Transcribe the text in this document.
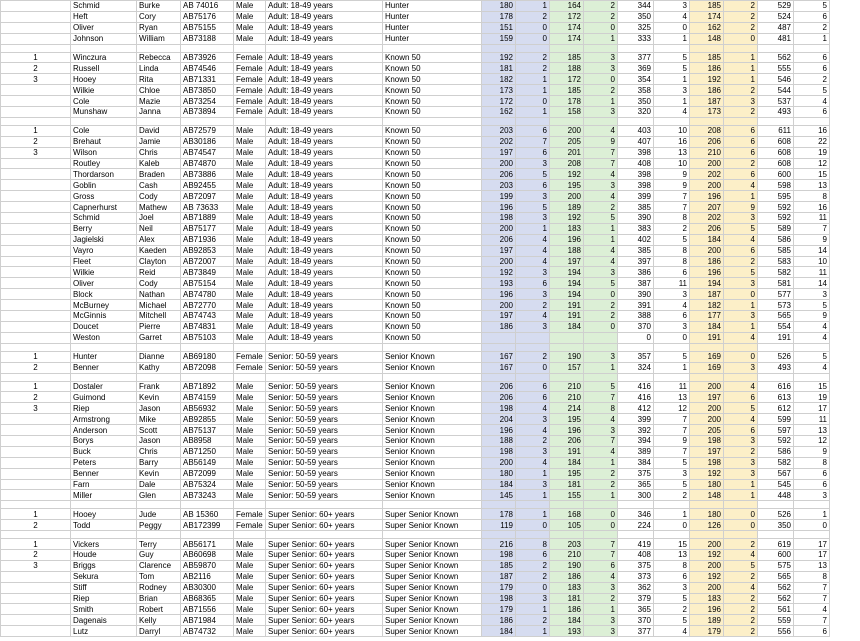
	Schmid	Burke	AB 74016	Male	Adult: 18-49 years	Hunter	180	1	164	2	344	3	185	2	529	5
	Heft	Cory	AB75176	Male	Adult: 18-49 years	Hunter	178	2	172	2	350	4	174	2	524	6
	Oliver	Ryan	AB75155	Male	Adult: 18-49 years	Hunter	151	0	174	0	325	0	162	2	487	2
	Johnson	William	AB73188	Male	Adult: 18-49 years	Hunter	159	0	174	1	333	1	148	0	481	1

1	Winczura	Rebecca	AB73926	Female	Adult: 18-49 years	Known 50	192	2	185	3	377	5	185	1	562	6
2	Russell	Linda	AB74546	Female	Adult: 18-49 years	Known 50	181	2	188	3	369	5	186	1	555	6
3	Hooey	Rita	AB71331	Female	Adult: 18-49 years	Known 50	182	1	172	0	354	1	192	1	546	2
	Wilkie	Chloe	AB73850	Female	Adult: 18-49 years	Known 50	173	1	185	2	358	3	186	2	544	5
	Cole	Mazie	AB73254	Female	Adult: 18-49 years	Known 50	172	0	178	1	350	1	187	3	537	4
	Munshaw	Janna	AB73894	Female	Adult: 18-49 years	Known 50	162	1	158	3	320	4	173	2	493	6

1	Cole	David	AB72579	Male	Adult: 18-49 years	Known 50	203	6	200	4	403	10	208	6	611	16
2	Brehaut	Jamie	AB30186	Male	Adult: 18-49 years	Known 50	202	7	205	9	407	16	206	6	608	22
3	Wilson	Chris	AB74547	Male	Adult: 18-49 years	Known 50	197	6	201	7	398	13	210	6	608	19
	Routley	Kaleb	AB74870	Male	Adult: 18-49 years	Known 50	200	3	208	7	408	10	200	2	608	12
	Thordarson	Braden	AB73886	Male	Adult: 18-49 years	Known 50	206	5	192	4	398	9	202	6	600	15
	Goblin	Cash	AB92455	Male	Adult: 18-49 years	Known 50	203	6	195	3	398	9	200	4	598	13
	Gross	Cody	AB72097	Male	Adult: 18-49 years	Known 50	199	3	200	4	399	7	196	1	595	8
	Capnerhurst	Mathew	AB 73633	Male	Adult: 18-49 years	Known 50	196	5	189	2	385	7	207	9	592	16
	Schmid	Joel	AB71889	Male	Adult: 18-49 years	Known 50	198	3	192	5	390	8	202	3	592	11
	Berry	Neil	AB75177	Male	Adult: 18-49 years	Known 50	200	1	183	1	383	2	206	5	589	7
	Jagielski	Alex	AB71936	Male	Adult: 18-49 years	Known 50	206	4	196	1	402	5	184	4	586	9
	Vayro	Kaeden	AB92853	Male	Adult: 18-49 years	Known 50	197	4	188	4	385	8	200	6	585	14
	Fleet	Clayton	AB72007	Male	Adult: 18-49 years	Known 50	200	4	197	4	397	8	186	2	583	10
	Wilkie	Reid	AB73849	Male	Adult: 18-49 years	Known 50	192	3	194	3	386	6	196	5	582	11
	Oliver	Cody	AB75154	Male	Adult: 18-49 years	Known 50	193	6	194	5	387	11	194	3	581	14
	Block	Nathan	AB74780	Male	Adult: 18-49 years	Known 50	196	3	194	0	390	3	187	0	577	3
	McBurney	Michael	AB72770	Male	Adult: 18-49 years	Known 50	200	2	191	2	391	4	182	1	573	5
	McGinnis	Mitchell	AB74743	Male	Adult: 18-49 years	Known 50	197	4	191	2	388	6	177	3	565	9
	Doucet	Pierre	AB74831	Male	Adult: 18-49 years	Known 50	186	3	184	0	370	3	184	1	554	4
	Weston	Garret	AB75103	Male	Adult: 18-49 years	Known 50					0	0	191	4	191	4

1	Hunter	Dianne	AB69180	Female	Senior: 50-59 years	Senior Known	167	2	190	3	357	5	169	0	526	5
2	Benner	Kathy	AB72098	Female	Senior: 50-59 years	Senior Known	167	0	157	1	324	1	169	3	493	4

1	Dostaler	Frank	AB71892	Male	Senior: 50-59 years	Senior Known	206	6	210	5	416	11	200	4	616	15
2	Guimond	Kevin	AB74159	Male	Senior: 50-59 years	Senior Known	206	6	210	7	416	13	197	6	613	19
3	Riep	Jason	AB56932	Male	Senior: 50-59 years	Senior Known	198	4	214	8	412	12	200	5	612	17
	Armstrong	Mike	AB92855	Male	Senior: 50-59 years	Senior Known	204	3	195	4	399	7	200	4	599	11
	Anderson	Scott	AB75137	Male	Senior: 50-59 years	Senior Known	196	4	196	3	392	7	205	6	597	13
	Borys	Jason	AB8958	Male	Senior: 50-59 years	Senior Known	188	2	206	7	394	9	198	3	592	12
	Buck	Chris	AB71250	Male	Senior: 50-59 years	Senior Known	198	3	191	4	389	7	197	2	586	9
	Peters	Barry	AB56149	Male	Senior: 50-59 years	Senior Known	200	4	184	1	384	5	198	3	582	8
	Benner	Kevin	AB72099	Male	Senior: 50-59 years	Senior Known	180	1	195	2	375	3	192	3	567	6
	Farn	Dale	AB75324	Male	Senior: 50-59 years	Senior Known	184	3	181	2	365	5	180	1	545	6
	Miller	Glen	AB73243	Male	Senior: 50-59 years	Senior Known	145	1	155	1	300	2	148	1	448	3

1	Hooey	Jude	AB 15360	Female	Super Senior: 60+ years	Super Senior Known	178	1	168	0	346	1	180	0	526	1
2	Todd	Peggy	AB172399	Female	Super Senior: 60+ years	Super Senior Known	119	0	105	0	224	0	126	0	350	0

1	Vickers	Terry	AB56171	Male	Super Senior: 60+ years	Super Senior Known	216	8	203	7	419	15	200	2	619	17
2	Houde	Guy	AB60698	Male	Super Senior: 60+ years	Super Senior Known	198	6	210	7	408	13	192	4	600	17
3	Briggs	Clarence	AB59870	Male	Super Senior: 60+ years	Super Senior Known	185	2	190	6	375	8	200	5	575	13
	Sekura	Tom	AB2116	Male	Super Senior: 60+ years	Super Senior Known	187	2	186	4	373	6	192	2	565	8
	Stiff	Rodney	AB30300	Male	Super Senior: 60+ years	Super Senior Known	179	0	183	3	362	3	200	4	562	7
	Riep	Brian	AB68365	Male	Super Senior: 60+ years	Super Senior Known	198	3	181	2	379	5	183	2	562	7
	Smith	Robert	AB71556	Male	Super Senior: 60+ years	Super Senior Known	179	1	186	1	365	2	196	2	561	4
	Dagenais	Kelly	AB71984	Male	Super Senior: 60+ years	Super Senior Known	186	2	184	3	370	5	189	2	559	7
	Lutz	Darryl	AB74732	Male	Super Senior: 60+ years	Super Senior Known	184	1	193	3	377	4	179	2	556	6
